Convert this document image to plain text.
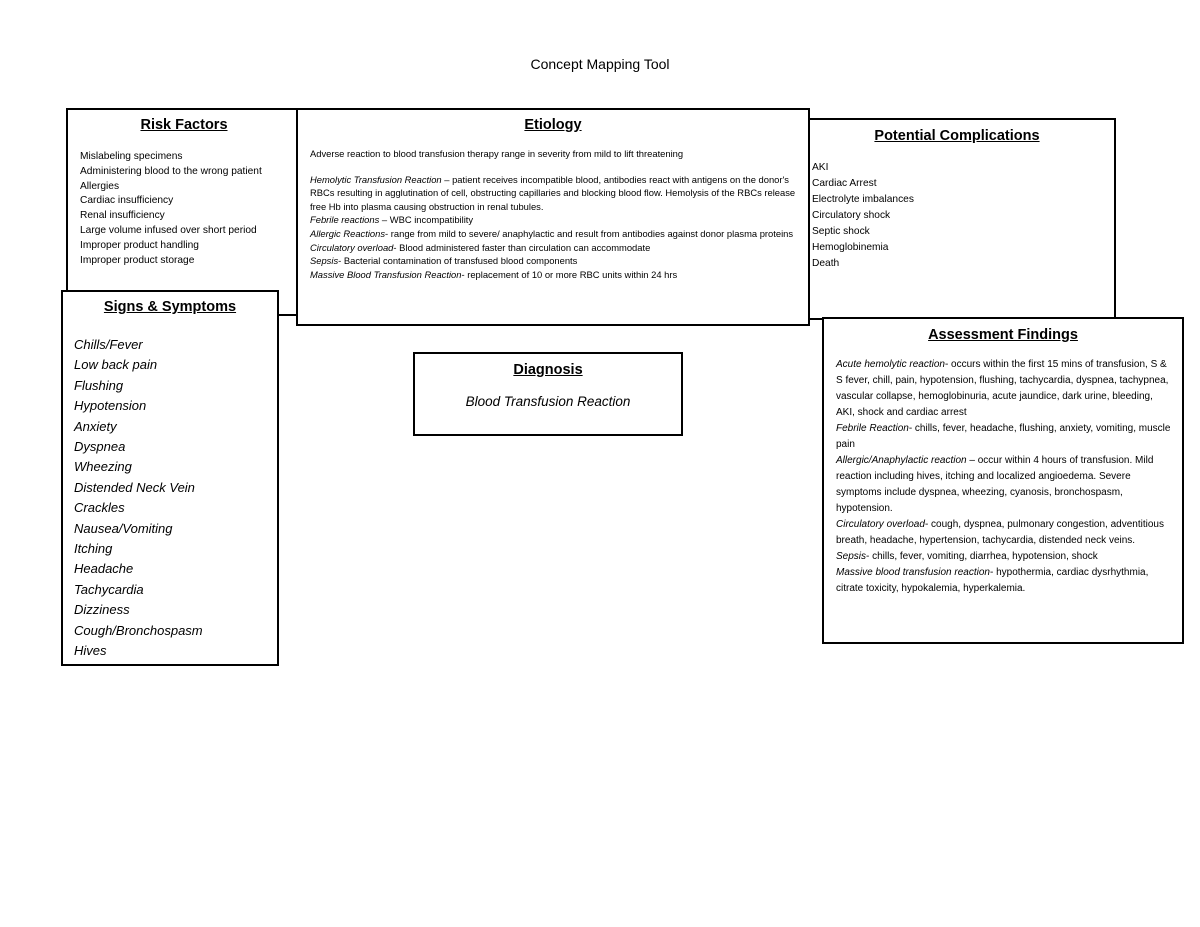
Concept Mapping Tool
Risk Factors
Mislabeling specimens
Administering blood to the wrong patient
Allergies
Cardiac insufficiency
Renal insufficiency
Large volume infused over short period
Improper product handling
Improper product storage
Etiology

Adverse reaction to blood transfusion therapy range in severity from mild to lift threatening

Hemolytic Transfusion Reaction – patient receives incompatible blood, antibodies react with antigens on the donor's RBCs resulting in agglutination of cell, obstructing capillaries and blocking blood flow. Hemolysis of the RBCs release free Hb into plasma causing obstruction in renal tubules.

Febrile reactions – WBC incompatibility

Allergic Reactions- range from mild to severe/ anaphylactic and result from antibodies against donor plasma proteins

Circulatory overload- Blood administered faster than circulation can accommodate

Sepsis- Bacterial contamination of transfused blood components

Massive Blood Transfusion Reaction- replacement of 10 or more RBC units within 24 hrs

Potential Complications
AKI
Cardiac Arrest
Electrolyte imbalances
Circulatory shock
Septic shock
Hemoglobinemia
Death
Signs & Symptoms
Chills/Fever
Low back pain
Flushing
Hypotension
Anxiety
Dyspnea
Wheezing
Distended Neck Vein
Crackles
Nausea/Vomiting
Itching
Headache
Tachycardia
Dizziness
Cough/Bronchospasm
Hives
Diagnosis
Blood Transfusion Reaction
Assessment Findings

Acute hemolytic reaction- occurs within the first 15 mins of transfusion, S & S fever, chill, pain, hypotension, flushing, tachycardia, dyspnea, tachypnea, vascular collapse, hemoglobinuria, acute jaundice, dark urine, bleeding, AKI, shock and cardiac arrest

Febrile Reaction- chills, fever, headache, flushing, anxiety, vomiting, muscle pain

Allergic/Anaphylactic reaction – occur within 4 hours of transfusion. Mild reaction including hives, itching and localized angioedema. Severe symptoms include dyspnea, wheezing, cyanosis, bronchospasm, hypotension.

Circulatory overload- cough, dyspnea, pulmonary congestion, adventitious breath, headache, hypertension, tachycardia, distended neck veins.

Sepsis- chills, fever, vomiting, diarrhea, hypotension, shock

Massive blood transfusion reaction- hypothermia, cardiac dysrhythmia, citrate toxicity, hypokalemia, hyperkalemia.
